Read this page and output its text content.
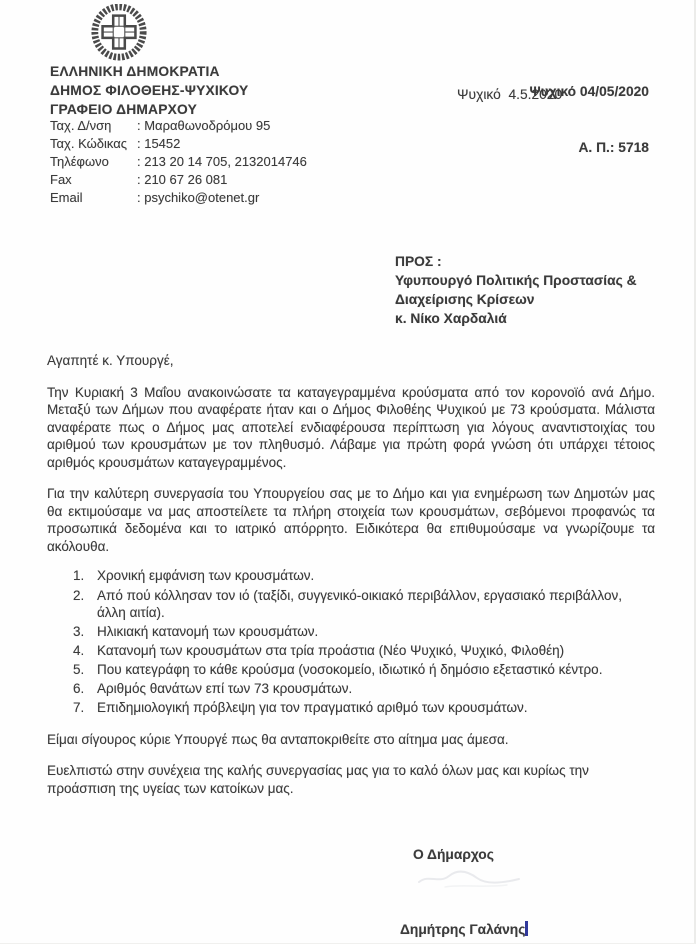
ΕΛΛΗΝΙΚΗ ΔΗΜΟΚΡΑΤΙΑ
ΔΗΜΟΣ ΦΙΛΟΘΕΗΣ-ΨΥΧΙΚΟΥ
ΓΡΑΦΕΙΟ ΔΗΜΑΡΧΟΥ
Ταχ. Δ/νση	: Μαραθωνοδρόμου 95
Ταχ. Κώδικας : 15452
Τηλέφωνο	: 213 20 14 705, 2132014746
Fax	: 210 67 26 081
Email	: psychiko@otenet.gr

Ψυχικό 04/05/2020

Α. Π.: 5718

Ψυχικό  4.5.2020
ΠΡΟΣ :
Υφυπουργό Πολιτικής Προστασίας &
Διαχείρισης Κρίσεων
κ. Νίκο Χαρδαλιά
Αγαπητέ κ. Υπουργέ,
Την Κυριακή 3 Μαΐου ανακοινώσατε τα καταγεγραμμένα κρούσματα από τον κορονοϊό ανά Δήμο. Μεταξύ των Δήμων που αναφέρατε ήταν και ο Δήμος Φιλοθέης Ψυχικού με 73 κρούσματα. Μάλιστα αναφέρατε πως ο Δήμος μας αποτελεί ενδιαφέρουσα περίπτωση για λόγους αναντιστοιχίας του αριθμού των κρουσμάτων με τον πληθυσμό. Λάβαμε για πρώτη φορά γνώση ότι υπάρχει τέτοιος αριθμός κρουσμάτων καταγεγραμμένος.
Για την καλύτερη συνεργασία του Υπουργείου σας με το Δήμο και για ενημέρωση των Δημοτών μας θα εκτιμούσαμε να μας αποστείλετε τα πλήρη στοιχεία των κρουσμάτων, σεβόμενοι προφανώς τα προσωπικά δεδομένα και το ιατρικό απόρρητο. Ειδικότερα θα επιθυμούσαμε να γνωρίζουμε τα ακόλουθα.
Χρονική εμφάνιση των κρουσμάτων.
Από πού κόλλησαν τον ιό (ταξίδι, συγγενικό-οικιακό περιβάλλον, εργασιακό περιβάλλον, άλλη αιτία).
Ηλικιακή κατανομή των κρουσμάτων.
Κατανομή των κρουσμάτων στα τρία προάστια (Νέο Ψυχικό, Ψυχικό, Φιλοθέη)
Που κατεγράφη το κάθε κρούσμα (νοσοκομείο, ιδιωτικό ή δημόσιο εξεταστικό κέντρο.
Αριθμός θανάτων επί των 73 κρουσμάτων.
Επιδημιολογική πρόβλεψη για τον πραγματικό αριθμό των κρουσμάτων.
Είμαι σίγουρος κύριε Υπουργέ πως θα ανταποκριθείτε στο αίτημα μας άμεσα.
Ευελπιστώ στην συνέχεια της καλής συνεργασίας μας για το καλό όλων μας και κυρίως την προάσπιση της υγείας των κατοίκων μας.
Ο Δήμαρχος
Δημήτρης Γαλάνης
